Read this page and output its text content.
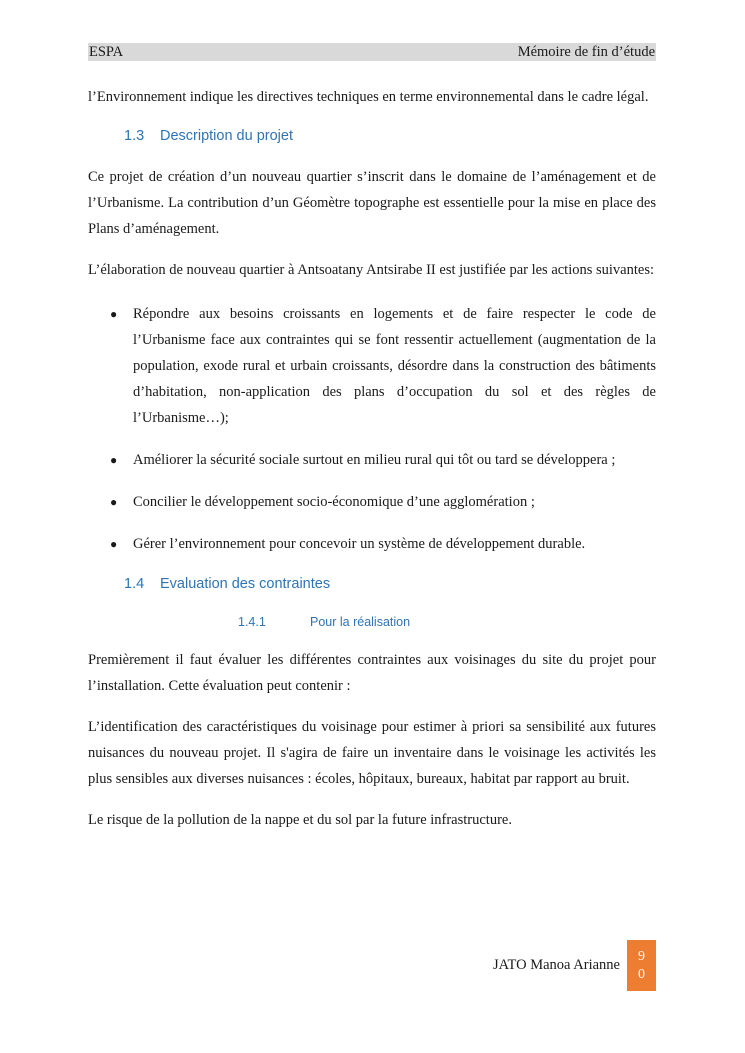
ESPA	Mémoire de fin d’étude

l’Environnement indique les directives techniques en terme environnemental dans le cadre légal.

1.3 Description du projet

Ce projet de création d’un nouveau quartier s’inscrit dans le domaine de l’aménagement et de l’Urbanisme. La contribution d’un Géomètre topographe est essentielle pour la mise en place des Plans d’aménagement.

L’élaboration de nouveau quartier à Antsoatany Antsirabe II est justifiée par les actions suivantes:

● Répondre aux besoins croissants en logements et de faire respecter le code de l’Urbanisme face aux contraintes qui se font ressentir actuellement (augmentation de la population, exode rural et urbain croissants, désordre dans la construction des bâtiments d’habitation, non-application des plans d’occupation du sol et des règles de l’Urbanisme…);
● Améliorer la sécurité sociale surtout en milieu rural qui tôt ou tard se développera ;
● Concilier le développement socio-économique d’une agglomération ;
● Gérer l’environnement pour concevoir un système de développement durable.
1.4 Evaluation des contraintes
1.4.1	Pour la réalisation

Premièrement il faut évaluer les différentes contraintes aux voisinages du site du projet pour l’installation. Cette évaluation peut contenir :

L’identification des caractéristiques du voisinage pour estimer à priori sa sensibilité aux futures nuisances du nouveau projet. Il s'agira de faire un inventaire dans le voisinage les activités les plus sensibles aux diverses nuisances : écoles, hôpitaux, bureaux, habitat par rapport au bruit.

Le risque de la pollution de la nappe et du sol par la future infrastructure.

JATO Manoa Arianne
9
0
